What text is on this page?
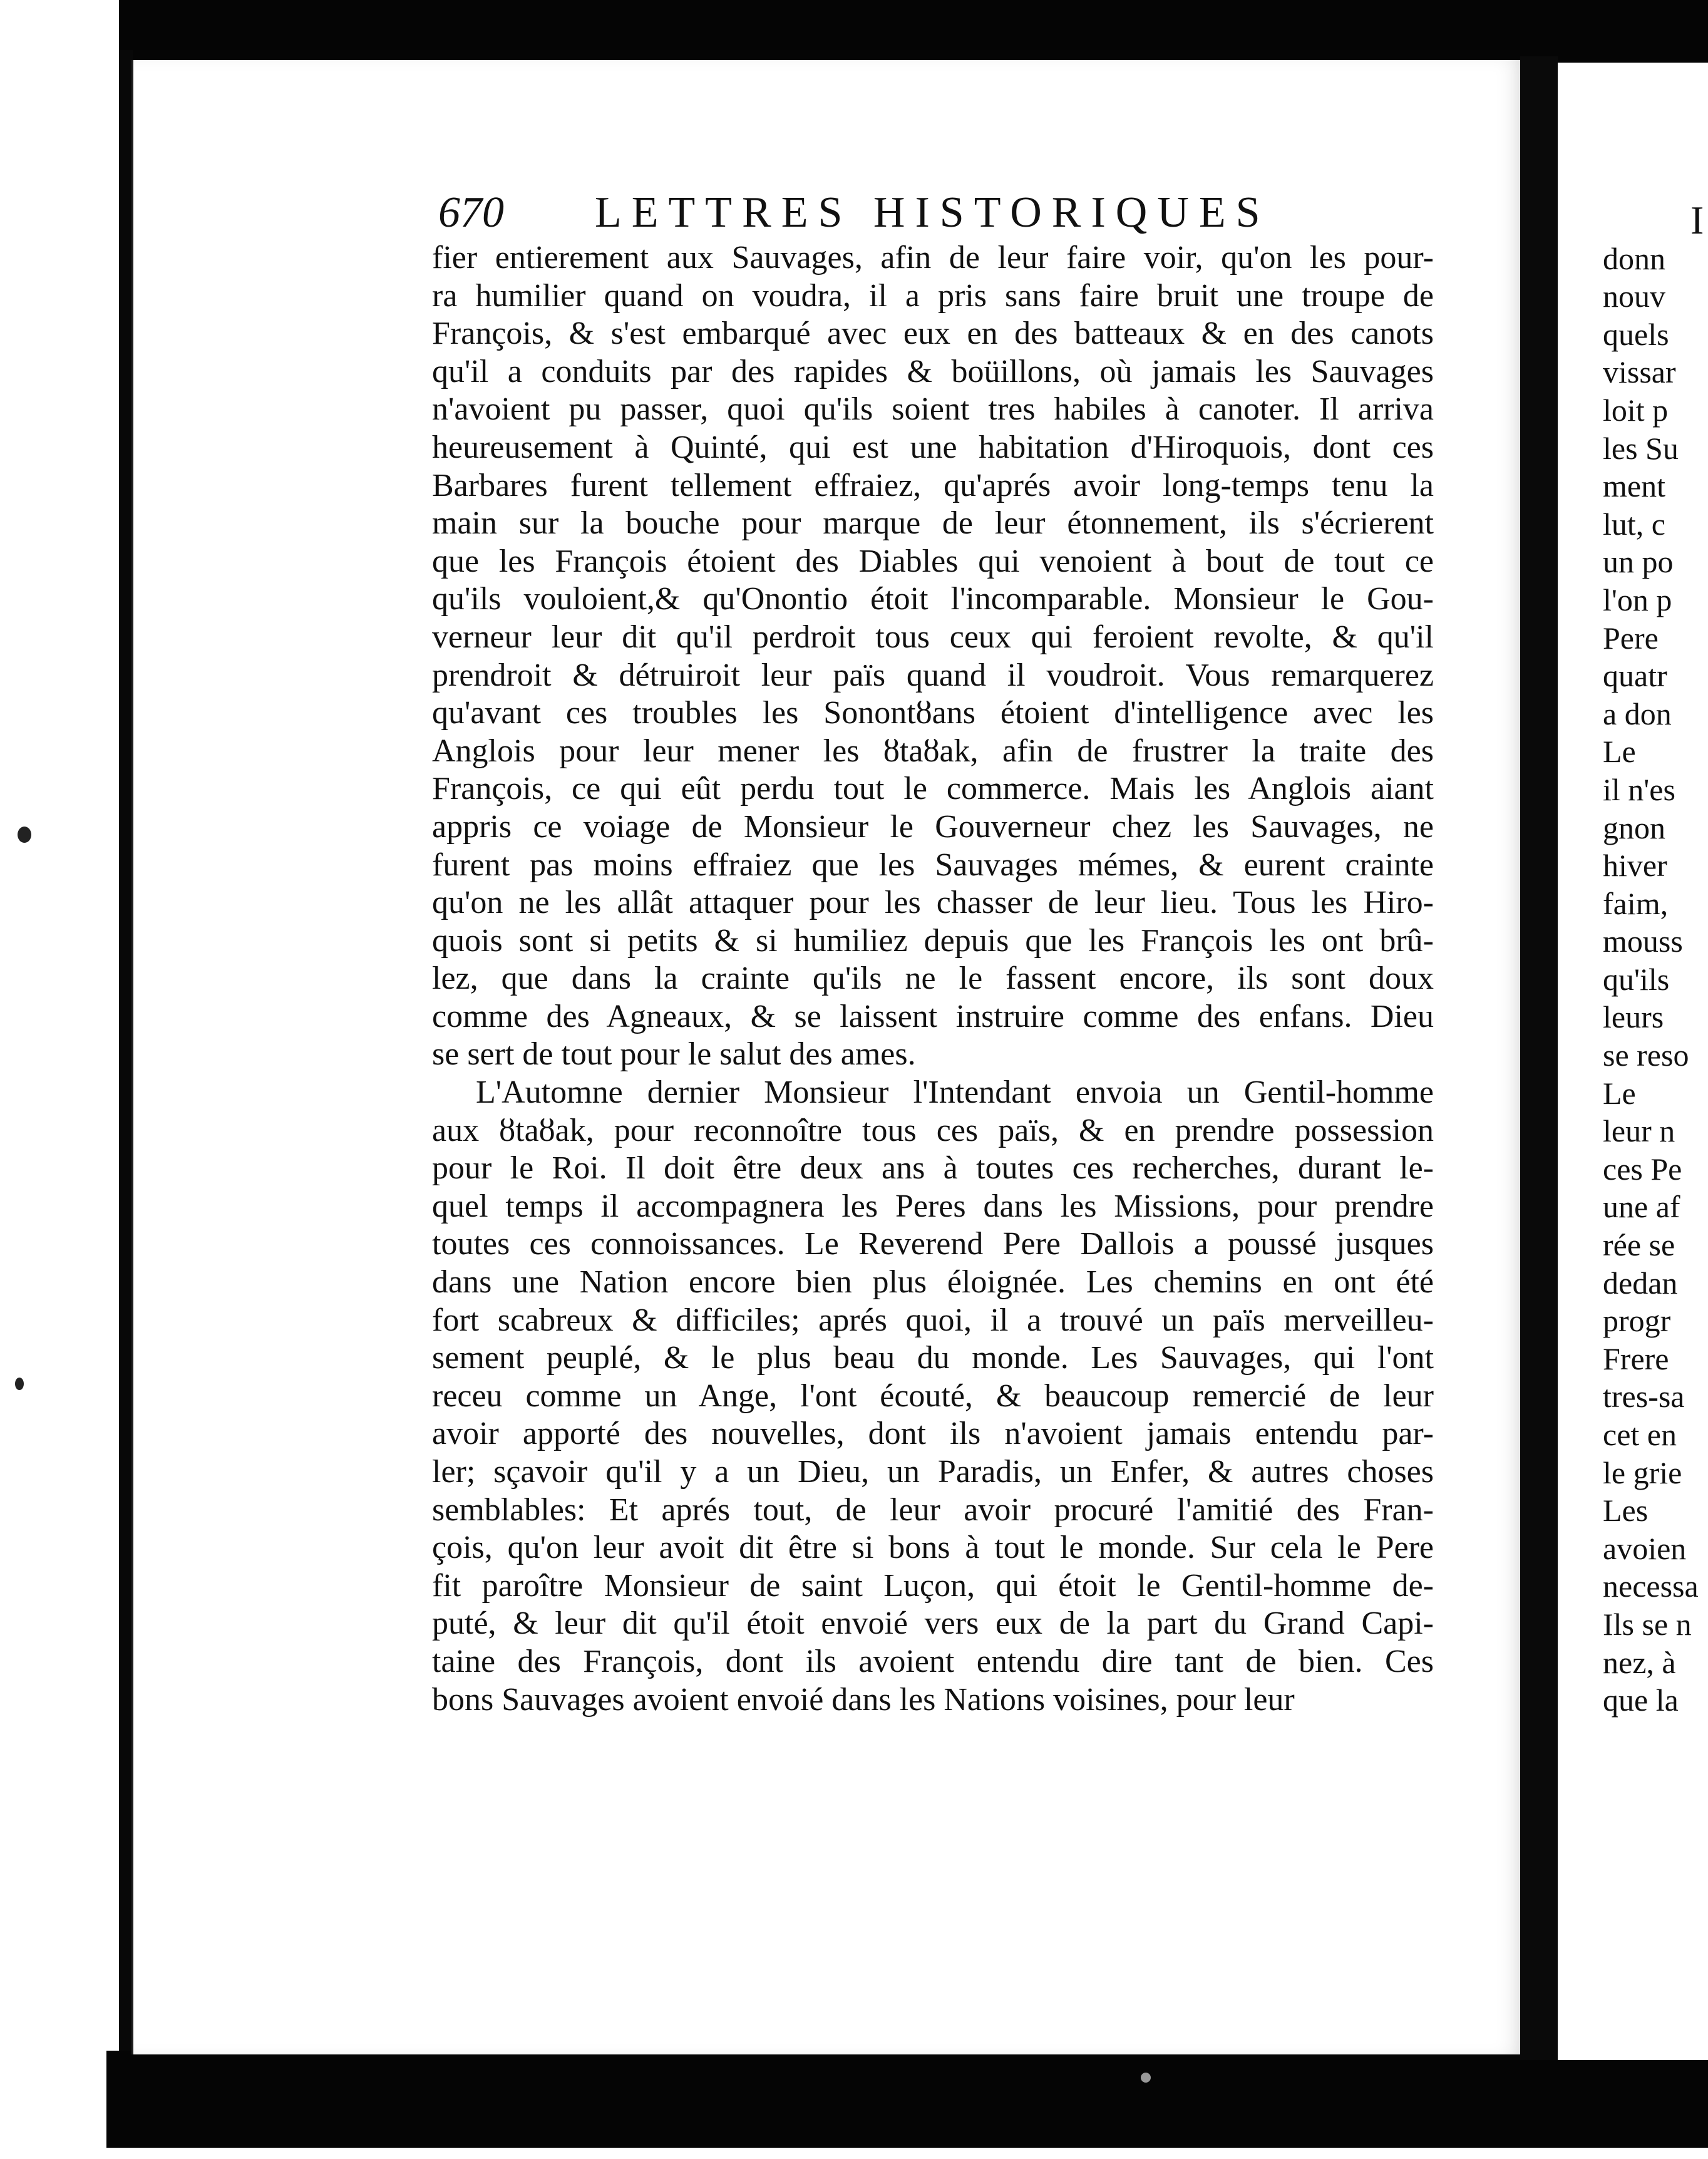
670 LETTRES HISTORIQUES
fier entierement aux Sauvages, afin de leur faire voir, qu'on les pour-
ra humilier quand on voudra, il a pris sans faire bruit une troupe de
François, & s'est embarqué avec eux en des batteaux & en des canots
qu'il a conduits par des rapides & boüillons, où jamais les Sauvages
n'avoient pu passer, quoi qu'ils soient tres habiles à canoter. Il arriva
heureusement à Quinté, qui est une habitation d'Hiroquois, dont ces
Barbares furent tellement effraiez, qu'aprés avoir long-temps tenu la
main sur la bouche pour marque de leur étonnement, ils s'écrierent
que les François étoient des Diables qui venoient à bout de tout ce
qu'ils vouloient,& qu'Onontio étoit l'incomparable. Monsieur le Gou-
verneur leur dit qu'il perdroit tous ceux qui feroient revolte, & qu'il
prendroit & détruiroit leur païs quand il voudroit. Vous remarquerez
qu'avant ces troubles les Sonontȣans étoient d'intelligence avec les
Anglois pour leur mener les ȣtaȣak, afin de frustrer la traite des
François, ce qui eût perdu tout le commerce. Mais les Anglois aiant
appris ce voiage de Monsieur le Gouverneur chez les Sauvages, ne
furent pas moins effraiez que les Sauvages mémes, & eurent crainte
qu'on ne les allât attaquer pour les chasser de leur lieu. Tous les Hiro-
quois sont si petits & si humiliez depuis que les François les ont brû-
lez, que dans la crainte qu'ils ne le fassent encore, ils sont doux
comme des Agneaux, & se laissent instruire comme des enfans. Dieu
se sert de tout pour le salut des ames.
L'Automne dernier Monsieur l'Intendant envoia un Gentil-homme
aux ȣtaȣak, pour reconnoître tous ces païs, & en prendre possession
pour le Roi. Il doit être deux ans à toutes ces recherches, durant le-
quel temps il accompagnera les Peres dans les Missions, pour prendre
toutes ces connoissances. Le Reverend Pere Dallois a poussé jusques
dans une Nation encore bien plus éloignée. Les chemins en ont été
fort scabreux & difficiles; aprés quoi, il a trouvé un païs merveilleu-
sement peuplé, & le plus beau du monde. Les Sauvages, qui l'ont
receu comme un Ange, l'ont écouté, & beaucoup remercié de leur
avoir apporté des nouvelles, dont ils n'avoient jamais entendu par-
ler; sçavoir qu'il y a un Dieu, un Paradis, un Enfer, & autres choses
semblables: Et aprés tout, de leur avoir procuré l'amitié des Fran-
çois, qu'on leur avoit dit être si bons à tout le monde. Sur cela le Pere
fit paroître Monsieur de saint Luçon, qui étoit le Gentil-homme de-
puté, & leur dit qu'il étoit envoié vers eux de la part du Grand Capi-
taine des François, dont ils avoient entendu dire tant de bien. Ces
bons Sauvages avoient envoié dans les Nations voisines, pour leur
I
donn
nouv
quels
vissar
loit p
les Su
ment
lut, c
un po
l'on p
Pere
quatr
a don
Le
il n'es
gnon
hiver
faim,
mouss
qu'ils
leurs
se reso
Le
leur n
ces Pe
une af
rée se
dedan
progr
Frere
tres-sa
cet en
le grie
Les
avoien
necessa
Ils se n
nez, à
que la
